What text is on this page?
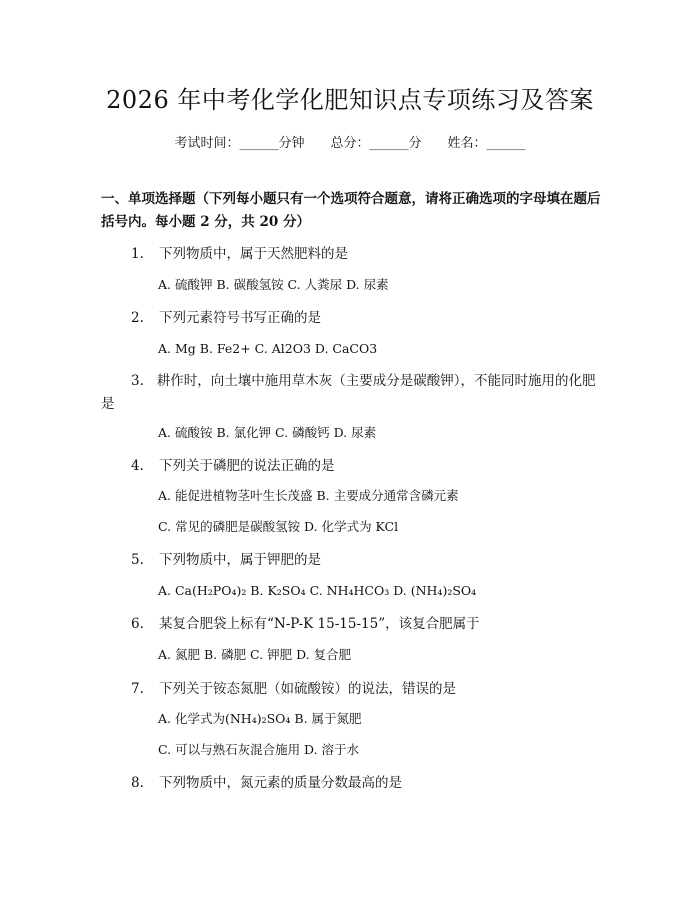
2026 年中考化学化肥知识点专项练习及答案
考试时间：______分钟 总分：______分 姓名：______
一、单项选择题（下列每小题只有一个选项符合题意，请将正确选项的字母填在题后括号内。每小题 2 分，共 20 分）
1. 下列物质中，属于天然肥料的是
A. 硫酸钾 B. 碳酸氢铵 C. 人粪尿 D. 尿素
2. 下列元素符号书写正确的是
A. Mg B. Fe2+ C. Al2O3 D. CaCO3
3. 耕作时，向土壤中施用草木灰（主要成分是碳酸钾），不能同时施用的化肥是
A. 硫酸铵 B. 氯化钾 C. 磷酸钙 D. 尿素
4. 下列关于磷肥的说法正确的是
A. 能促进植物茎叶生长茂盛 B. 主要成分通常含磷元素
C. 常见的磷肥是碳酸氢铵 D. 化学式为 KCl
5. 下列物质中，属于钾肥的是
A. Ca(H₂PO₄)₂ B. K₂SO₄ C. NH₄HCO₃ D. (NH₄)₂SO₄
6. 某复合肥袋上标有“N-P-K 15-15-15”，该复合肥属于
A. 氮肥 B. 磷肥 C. 钾肥 D. 复合肥
7. 下列关于铵态氮肥（如硫酸铵）的说法，错误的是
A. 化学式为(NH₄)₂SO₄ B. 属于氮肥
C. 可以与熟石灰混合施用 D. 溶于水
8. 下列物质中，氮元素的质量分数最高的是
